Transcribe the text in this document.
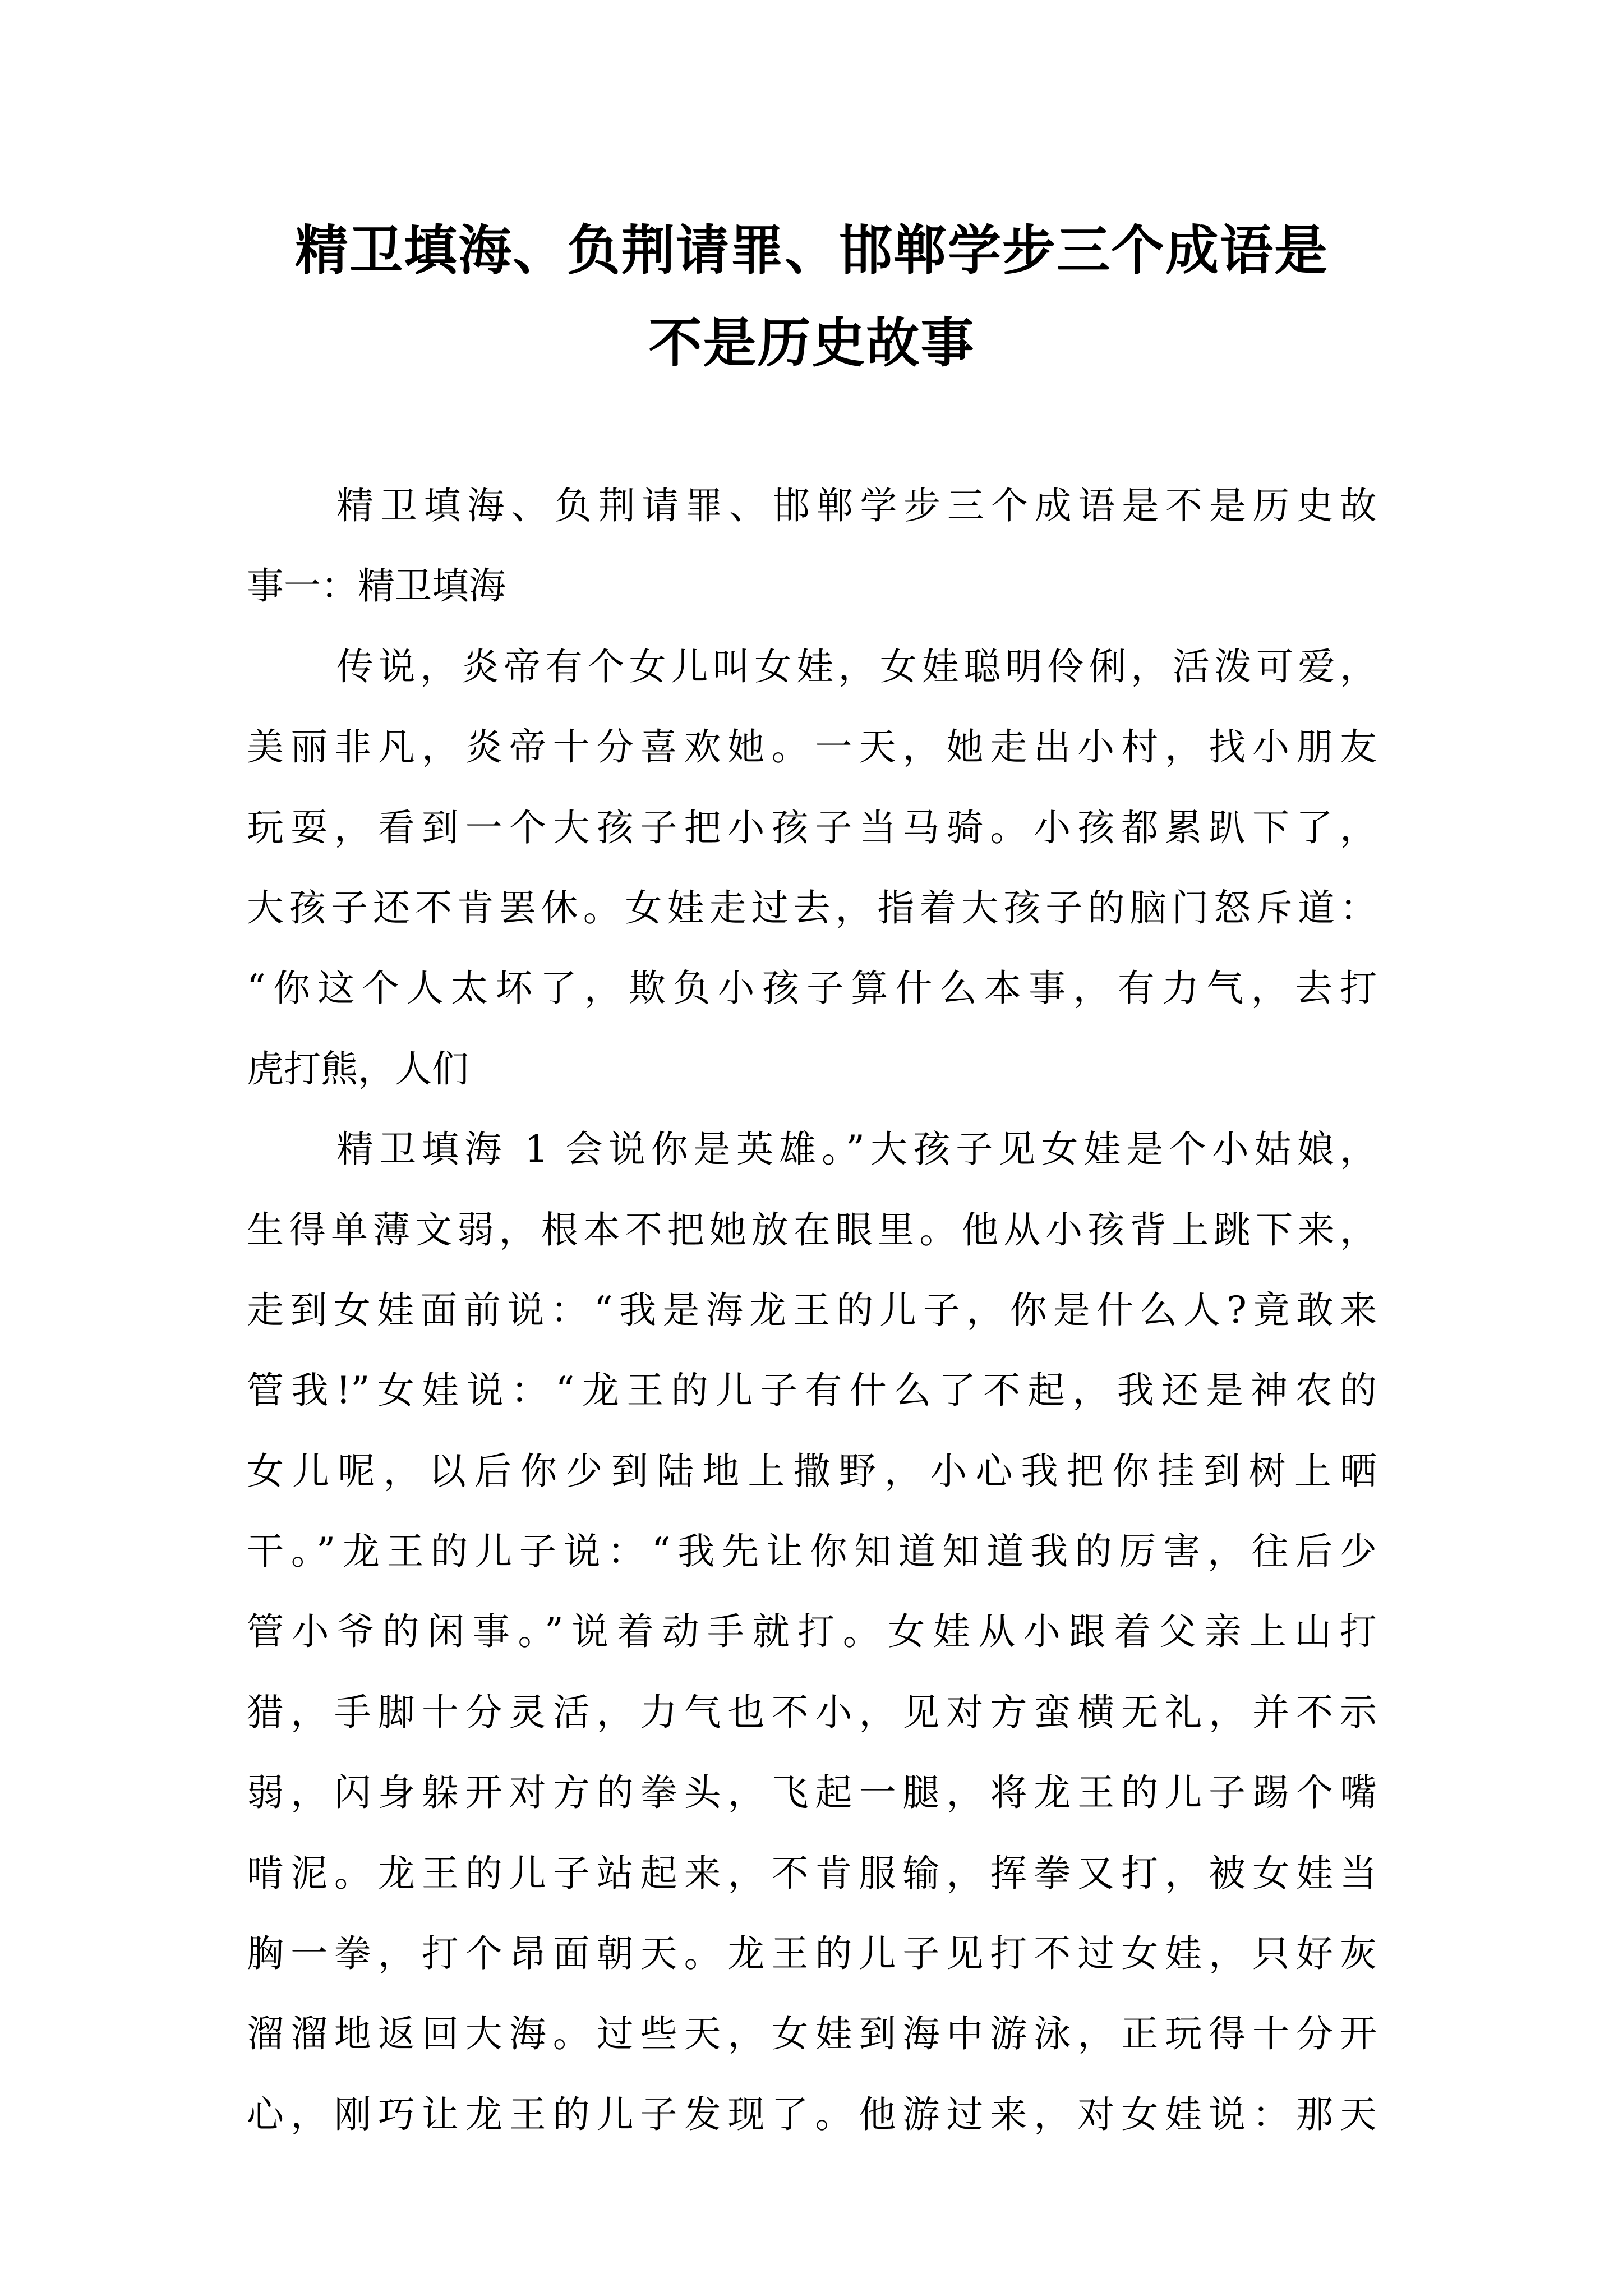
精卫填海、负荆请罪、邯郸学步三个成语是
不是历史故事
精卫填海、负荆请罪、邯郸学步三个成语是不是历史故
事一：精卫填海
传说，炎帝有个女儿叫女娃，女娃聪明伶俐，活泼可爱，
美丽非凡，炎帝十分喜欢她。一天，她走出小村，找小朋友
玩耍，看到一个大孩子把小孩子当马骑。小孩都累趴下了，
大孩子还不肯罢休。女娃走过去，指着大孩子的脑门怒斥道：
“你这个人太坏了，欺负小孩子算什么本事，有力气，去打
虎打熊，人们
精卫填海 1 会说你是英雄。”大孩子见女娃是个小姑娘，
生得单薄文弱，根本不把她放在眼里。他从小孩背上跳下来，
走到女娃面前说：“我是海龙王的儿子，你是什么人?竟敢来
管我!”女娃说：“龙王的儿子有什么了不起，我还是神农的
女儿呢，以后你少到陆地上撒野，小心我把你挂到树上晒
干。”龙王的儿子说：“我先让你知道知道我的厉害，往后少
管小爷的闲事。”说着动手就打。女娃从小跟着父亲上山打
猎，手脚十分灵活，力气也不小，见对方蛮横无礼，并不示
弱，闪身躲开对方的拳头，飞起一腿，将龙王的儿子踢个嘴
啃泥。龙王的儿子站起来，不肯服输，挥拳又打，被女娃当
胸一拳，打个昂面朝天。龙王的儿子见打不过女娃，只好灰
溜溜地返回大海。过些天，女娃到海中游泳，正玩得十分开
心，刚巧让龙王的儿子发现了。他游过来，对女娃说：那天
